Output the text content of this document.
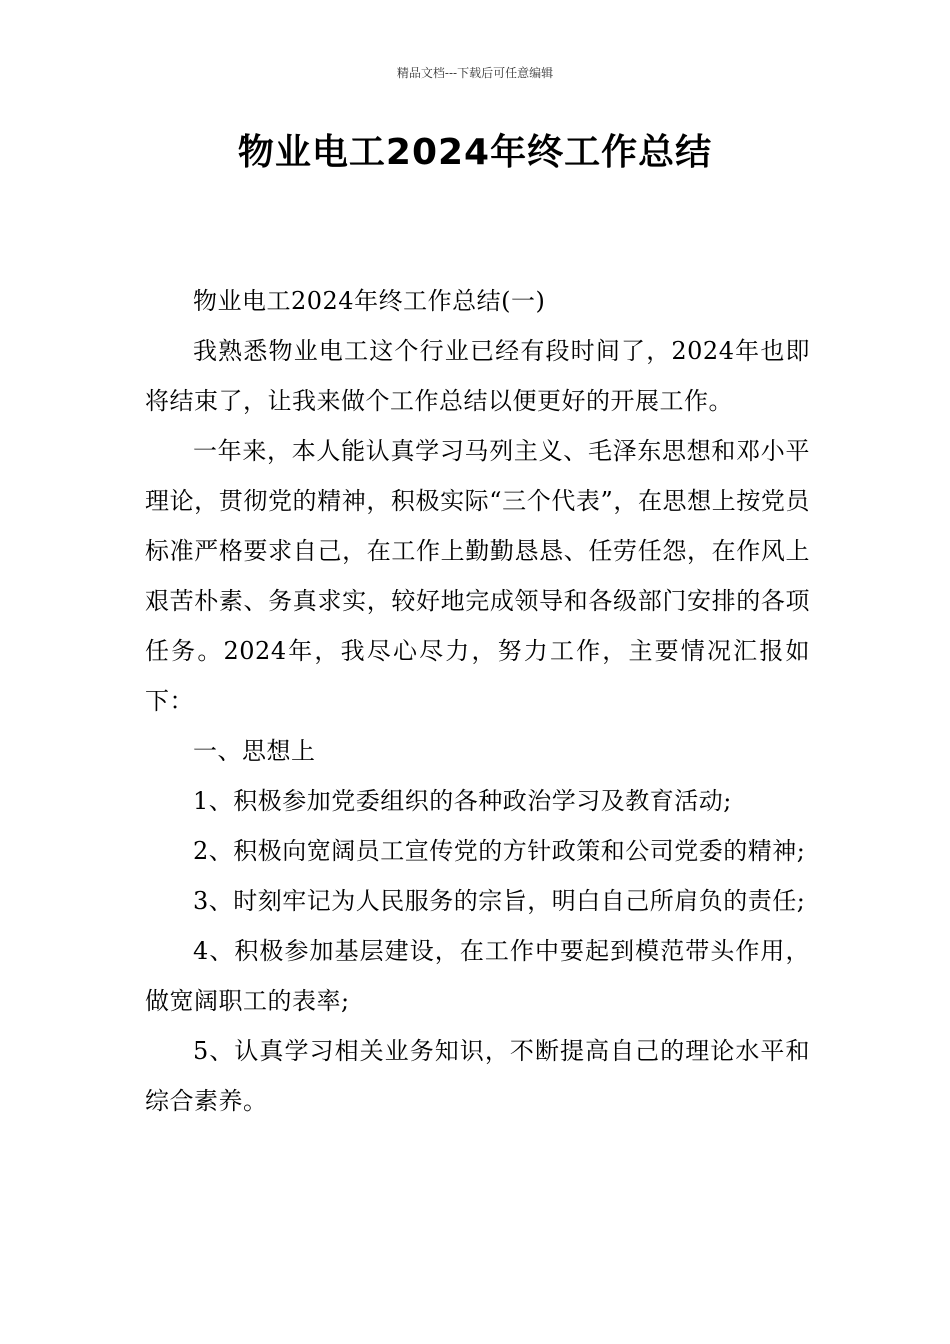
精品文档---下载后可任意编辑
物业电工2024年终工作总结

物业电工2024年终工作总结(一)

我熟悉物业电工这个行业已经有段时间了，2024年也即将结束了，让我来做个工作总结以便更好的开展工作。

一年来，本人能认真学习马列主义、毛泽东思想和邓小平理论，贯彻党的精神，积极实际“三个代表”，在思想上按党员标准严格要求自己，在工作上勤勤恳恳、任劳任怨，在作风上艰苦朴素、务真求实，较好地完成领导和各级部门安排的各项任务。2024年，我尽心尽力，努力工作，主要情况汇报如下：

一、思想上

1、积极参加党委组织的各种政治学习及教育活动;

2、积极向宽阔员工宣传党的方针政策和公司党委的精神;

3、时刻牢记为人民服务的宗旨，明白自己所肩负的责任;

4、积极参加基层建设，在工作中要起到模范带头作用，做宽阔职工的表率;

5、认真学习相关业务知识，不断提高自己的理论水平和综合素养。
